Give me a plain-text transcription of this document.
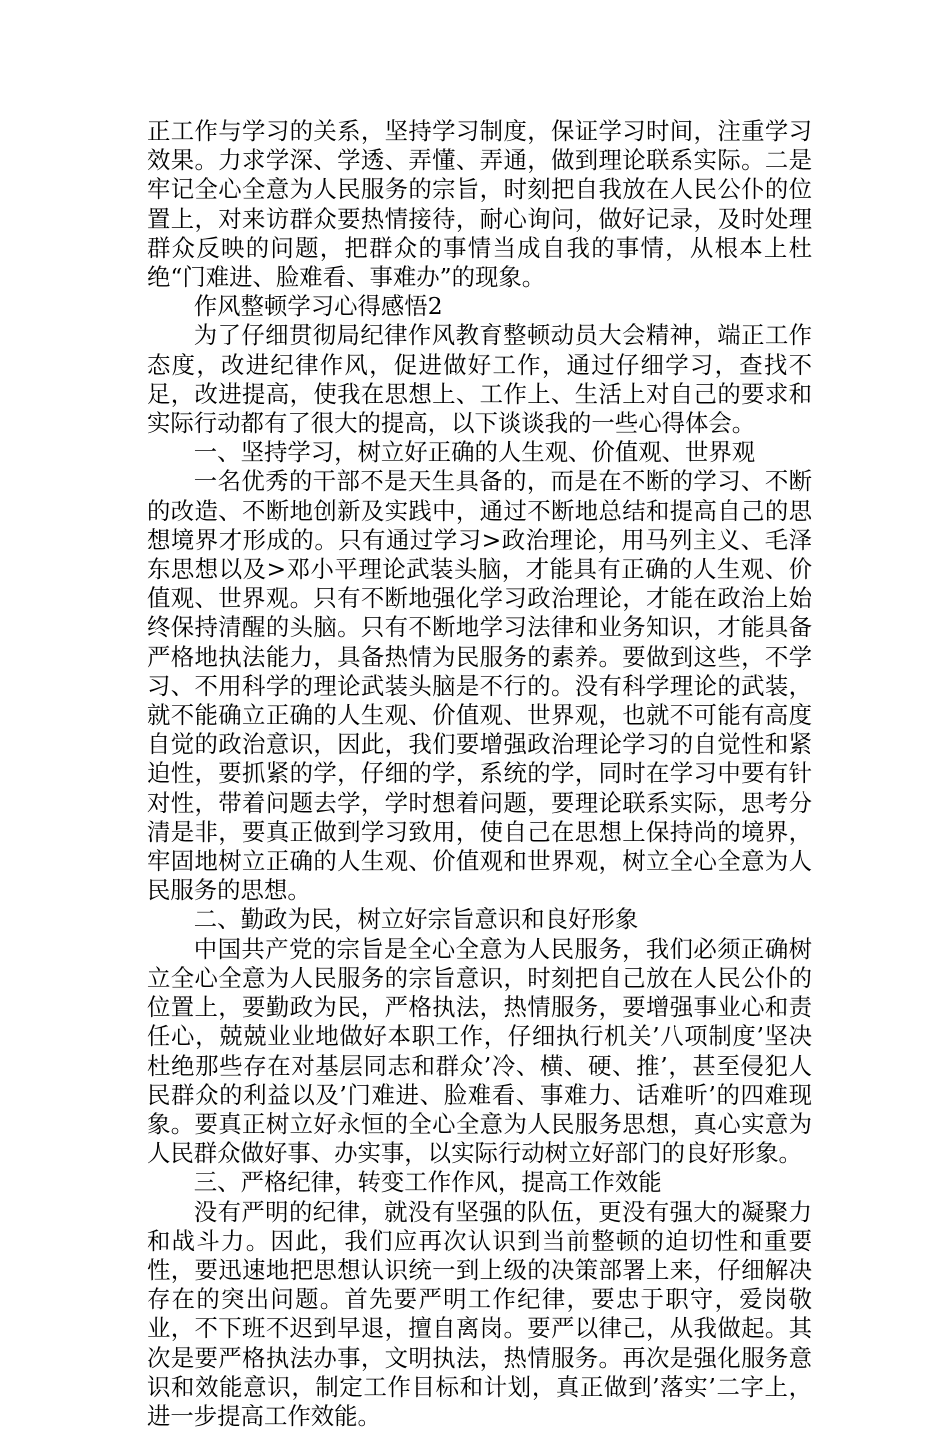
正工作与学习的关系，坚持学习制度，保证学习时间，注重学习效果。力求学深、学透、弄懂、弄通，做到理论联系实际。二是牢记全心全意为人民服务的宗旨，时刻把自我放在人民公仆的位置上，对来访群众要热情接待，耐心询问，做好记录，及时处理群众反映的问题，把群众的事情当成自我的事情，从根本上杜绝“门难进、脸难看、事难办”的现象。

作风整顿学习心得感悟2

为了仔细贯彻局纪律作风教育整顿动员大会精神，端正工作态度，改进纪律作风，促进做好工作，通过仔细学习，查找不足，改进提高，使我在思想上、工作上、生活上对自己的要求和实际行动都有了很大的提高，以下谈谈我的一些心得体会。

一、坚持学习，树立好正确的人生观、价值观、世界观

一名优秀的干部不是天生具备的，而是在不断的学习、不断的改造、不断地创新及实践中，通过不断地总结和提高自己的思想境界才形成的。只有通过学习>政治理论，用马列主义、毛泽东思想以及>邓小平理论武装头脑，才能具有正确的人生观、价值观、世界观。只有不断地强化学习政治理论，才能在政治上始终保持清醒的头脑。只有不断地学习法律和业务知识，才能具备严格地执法能力，具备热情为民服务的素养。要做到这些，不学习、不用科学的理论武装头脑是不行的。没有科学理论的武装，就不能确立正确的人生观、价值观、世界观，也就不可能有高度自觉的政治意识，因此，我们要增强政治理论学习的自觉性和紧迫性，要抓紧的学，仔细的学，系统的学，同时在学习中要有针对性，带着问题去学，学时想着问题，要理论联系实际，思考分清是非，要真正做到学习致用，使自己在思想上保持尚的境界，牢固地树立正确的人生观、价值观和世界观，树立全心全意为人民服务的思想。

二、勤政为民，树立好宗旨意识和良好形象

中国共产党的宗旨是全心全意为人民服务，我们必须正确树立全心全意为人民服务的宗旨意识，时刻把自己放在人民公仆的位置上，要勤政为民，严格执法，热情服务，要增强事业心和责任心，兢兢业业地做好本职工作，仔细执行机关’八项制度’坚决杜绝那些存在对基层同志和群众’冷、横、硬、推’，甚至侵犯人民群众的利益以及’门难进、脸难看、事难力、话难听’的四难现象。要真正树立好永恒的全心全意为人民服务思想，真心实意为人民群众做好事、办实事，以实际行动树立好部门的良好形象。

三、严格纪律，转变工作作风，提高工作效能

没有严明的纪律，就没有坚强的队伍，更没有强大的凝聚力和战斗力。因此，我们应再次认识到当前整顿的迫切性和重要性，要迅速地把思想认识统一到上级的决策部署上来，仔细解决存在的突出问题。首先要严明工作纪律，要忠于职守，爱岗敬业，不下班不迟到早退，擅自离岗。要严以律己，从我做起。其次是要严格执法办事，文明执法，热情服务。再次是强化服务意识和效能意识，制定工作目标和计划，真正做到’落实’二字上，进一步提高工作效能。
